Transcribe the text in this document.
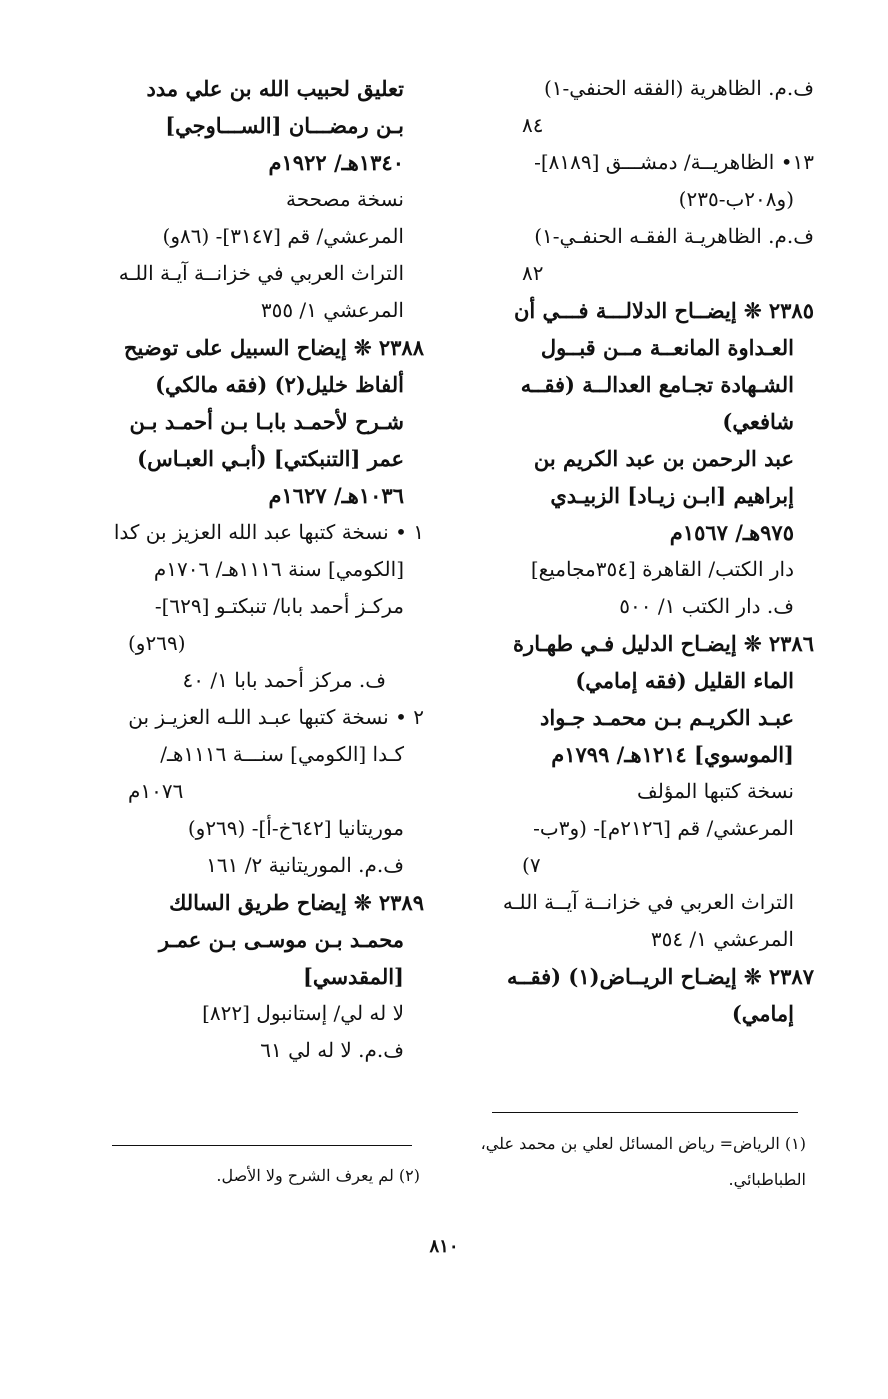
ف.م. الظاهرية (الفقه الحنفي-١)
٨٤
١٣• الظاهريــة/ دمشـــق [٨١٨٩]-
(و٢٠٨ب-٢٣٥)
ف.م. الظاهريـة الفقـه الحنفـي-١)
٨٢
٢٣٨٥ ❊ إيضــاح الدلالـــة فـــي أن
العـداوة المانعــة مــن قبــول
الشـهادة تجـامع العدالــة (فقــه
شافعي)
عبد الرحمن بن عبد الكريم بن
إبراهيم [ابـن زيـاد] الزبيـدي
٩٧٥هـ/ ١٥٦٧م
دار الكتب/ القاهرة [٣٥٤مجاميع]
ف. دار الكتب ١/ ٥٠٠
٢٣٨٦ ❊ إيضـاح الدليل فـي طهـارة
الماء القليل (فقه إمامي)
عبـد الكريـم بـن محمـد جـواد
[الموسوي] ١٢١٤هـ/ ١٧٩٩م
نسخة كتبها المؤلف
المرعشي/ قم [٢١٢٦م]- (و٣ب-
٧)
التراث العربي في خزانــة آيــة اللـه
المرعشي ١/ ٣٥٤
٢٣٨٧ ❊ إيضـاح الريــاض(١) (فقــه
إمامي)
تعليق لحبيب الله بن علي مدد
بـن رمضـــان [الســـاوجي]
١٣٤٠هـ/ ١٩٢٢م
نسخة مصححة
المرعشي/ قم [٣١٤٧]- (٨٦و)
التراث العربي في خزانــة آيـة اللـه
المرعشي ١/ ٣٥٥
٢٣٨٨ ❊ إيضاح السبيل على توضيح
ألفاظ خليل(٢) (فقه مالكي)
شـرح لأحمـد بابـا بـن أحمـد بـن
عمر [التنبكتي] (أبـي العبـاس)
١٠٣٦هـ/ ١٦٢٧م
١ • نسخة كتبها عبد الله العزيز بن كدا
[الكومي] سنة ١١١٦هـ/ ١٧٠٦م
مركـز أحمد بابا/ تنبكتـو [٦٢٩]-
(٢٦٩و)
ف. مركز أحمد بابا ١/ ٤٠
٢ • نسخة كتبها عبـد اللـه العزيـز بن
كـدا [الكومي] سنـــة ١١١٦هـ/
١٠٧٦م
موريتانيا [٦٤٢خ-أ]- (٢٦٩و)
ف.م. الموريتانية ٢/ ١٦١
٢٣٨٩ ❊ إيضاح طريق السالك
محمـد بـن موسـى بـن عمـر
[المقدسي]
لا له لي/ إستانبول [٨٢٢]
ف.م. لا له لي ٦١
(١) الرياض= رياض المسائل لعلي بن محمد علي، الطباطبائي.
(٢) لم يعرف الشرح ولا الأصل.
٨١٠
